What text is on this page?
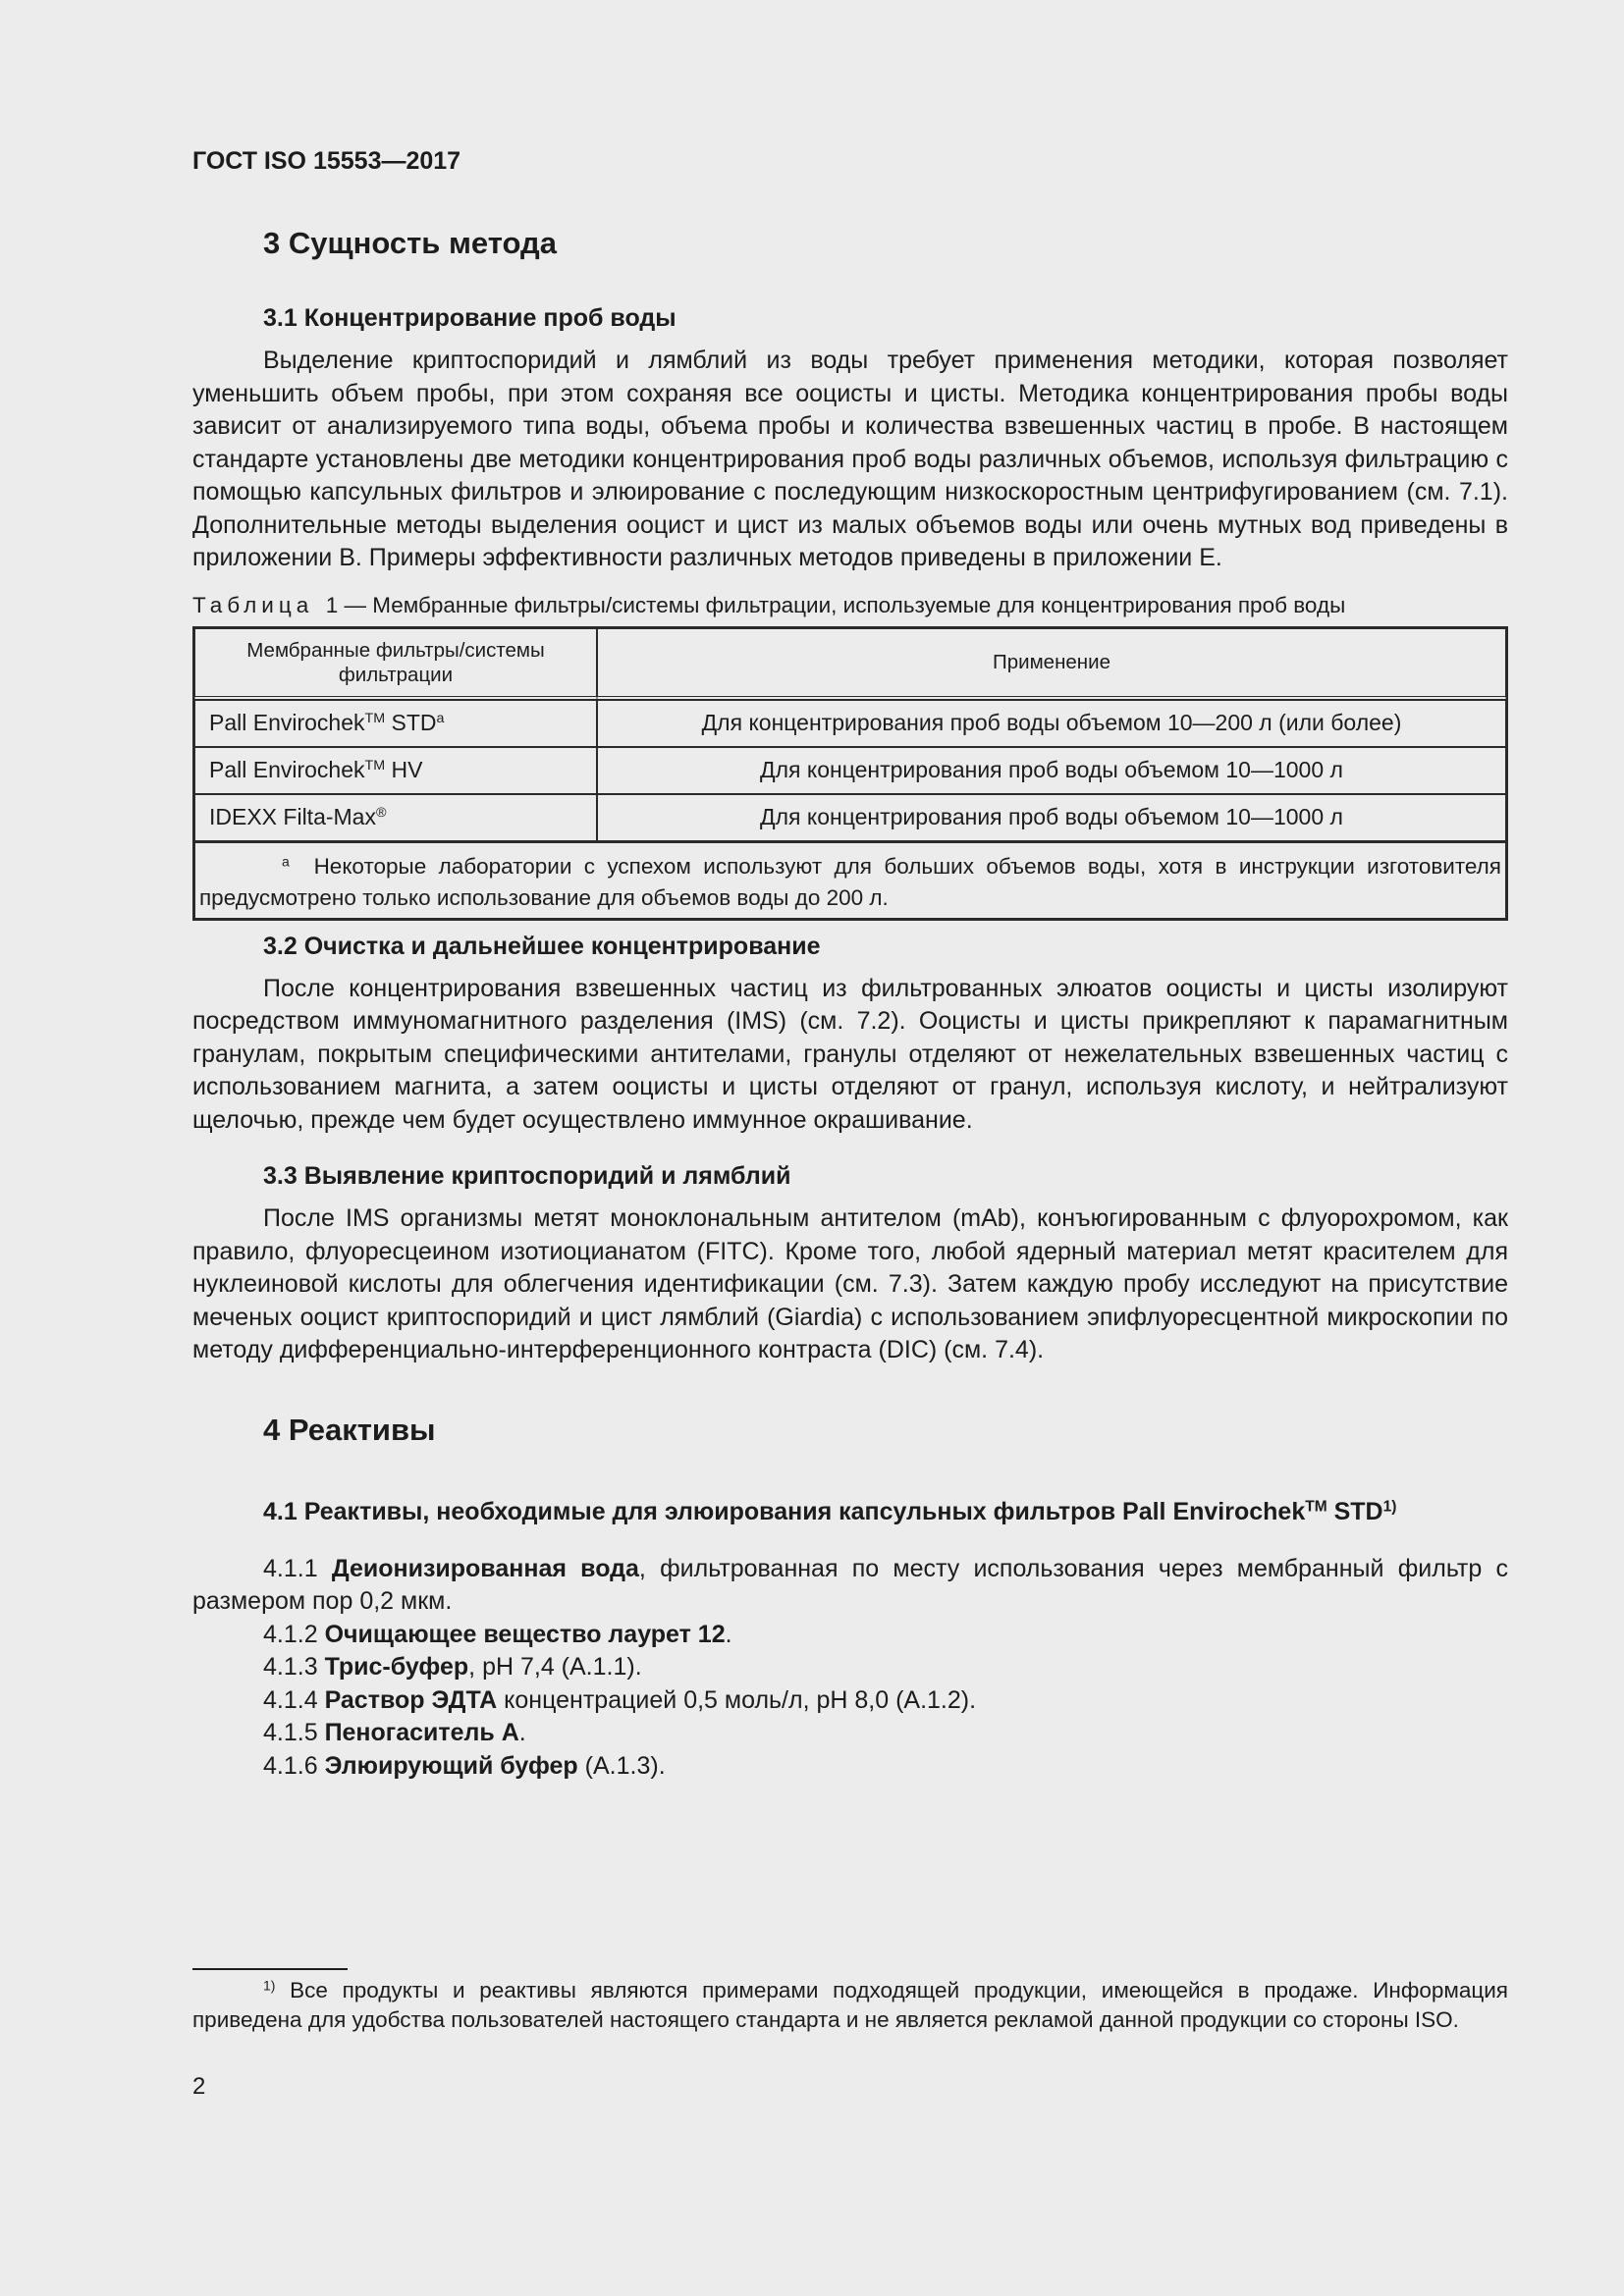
ГОСТ ISO 15553—2017
3 Сущность метода
3.1 Концентрирование проб воды

Выделение криптоспоридий и лямблий из воды требует применения методики, которая позволяет уменьшить объем пробы, при этом сохраняя все ооцисты и цисты. Методика концентрирования пробы воды зависит от анализируемого типа воды, объема пробы и количества взвешенных частиц в пробе. В настоящем стандарте установлены две методики концентрирования проб воды различных объемов, используя фильтрацию с помощью капсульных фильтров и элюирование с последующим низкоскоростным центрифугированием (см. 7.1). Дополнительные методы выделения ооцист и цист из малых объемов воды или очень мутных вод приведены в приложении В. Примеры эффективности различных методов приведены в приложении Е.

Таблица 1 — Мембранные фильтры/системы фильтрации, используемые для концентрирования проб воды
Мембранные фильтры/системы фильтрации	Применение
Pall Envirochek™ STD$^a$	Для концентрирования проб воды объемом 10—200 л (или более)
Pall Envirochek™ HV	Для концентрирования проб воды объемом 10—1000 л
IDEXX Filta-Max®	Для концентрирования проб воды объемом 10—1000 л
$^a$ Некоторые лаборатории с успехом используют для больших объемов воды, хотя в инструкции изготовителя предусмотрено только использование для объемов воды до 200 л.	
3.2 Очистка и дальнейшее концентрирование

После концентрирования взвешенных частиц из фильтрованных элюатов ооцисты и цисты изолируют посредством иммуномагнитного разделения (IMS) (см. 7.2). Ооцисты и цисты прикрепляют к парамагнитным гранулам, покрытым специфическими антителами, гранулы отделяют от нежелательных взвешенных частиц с использованием магнита, а затем ооцисты и цисты отделяют от гранул, используя кислоту, и нейтрализуют щелочью, прежде чем будет осуществлено иммунное окрашивание.

3.3 Выявление криптоспоридий и лямблий

После IMS организмы метят моноклональным антителом (mAb), конъюгированным с флуорохромом, как правило, флуоресцеином изотиоцианатом (FITC). Кроме того, любой ядерный материал метят красителем для нуклеиновой кислоты для облегчения идентификации (см. 7.3). Затем каждую пробу исследуют на присутствие меченых ооцист криптоспоридий и цист лямблий (Giardia) с использованием эпифлуоресцентной микроскопии по методу дифференциально-интерференционного контраста (DIC) (см. 7.4).

4 Реактивы
4.1 Реактивы, необходимые для элюирования капсульных фильтров Pall Envirochek™ STD$^{1)}$

4.1.1 Деионизированная вода, фильтрованная по месту использования через мембранный фильтр с размером пор 0,2 мкм.

4.1.2 Очищающее вещество лаурет 12.
4.1.3 Трис-буфер, pH 7,4 (А.1.1).
4.1.4 Раствор ЭДТА концентрацией 0,5 моль/л, pH 8,0 (А.1.2).
4.1.5 Пеногаситель А.
4.1.6 Элюирующий буфер (А.1.3).
$^{1)}$ Все продукты и реактивы являются примерами подходящей продукции, имеющейся в продаже. Информация приведена для удобства пользователей настоящего стандарта и не является рекламой данной продукции со стороны ISO.
2
